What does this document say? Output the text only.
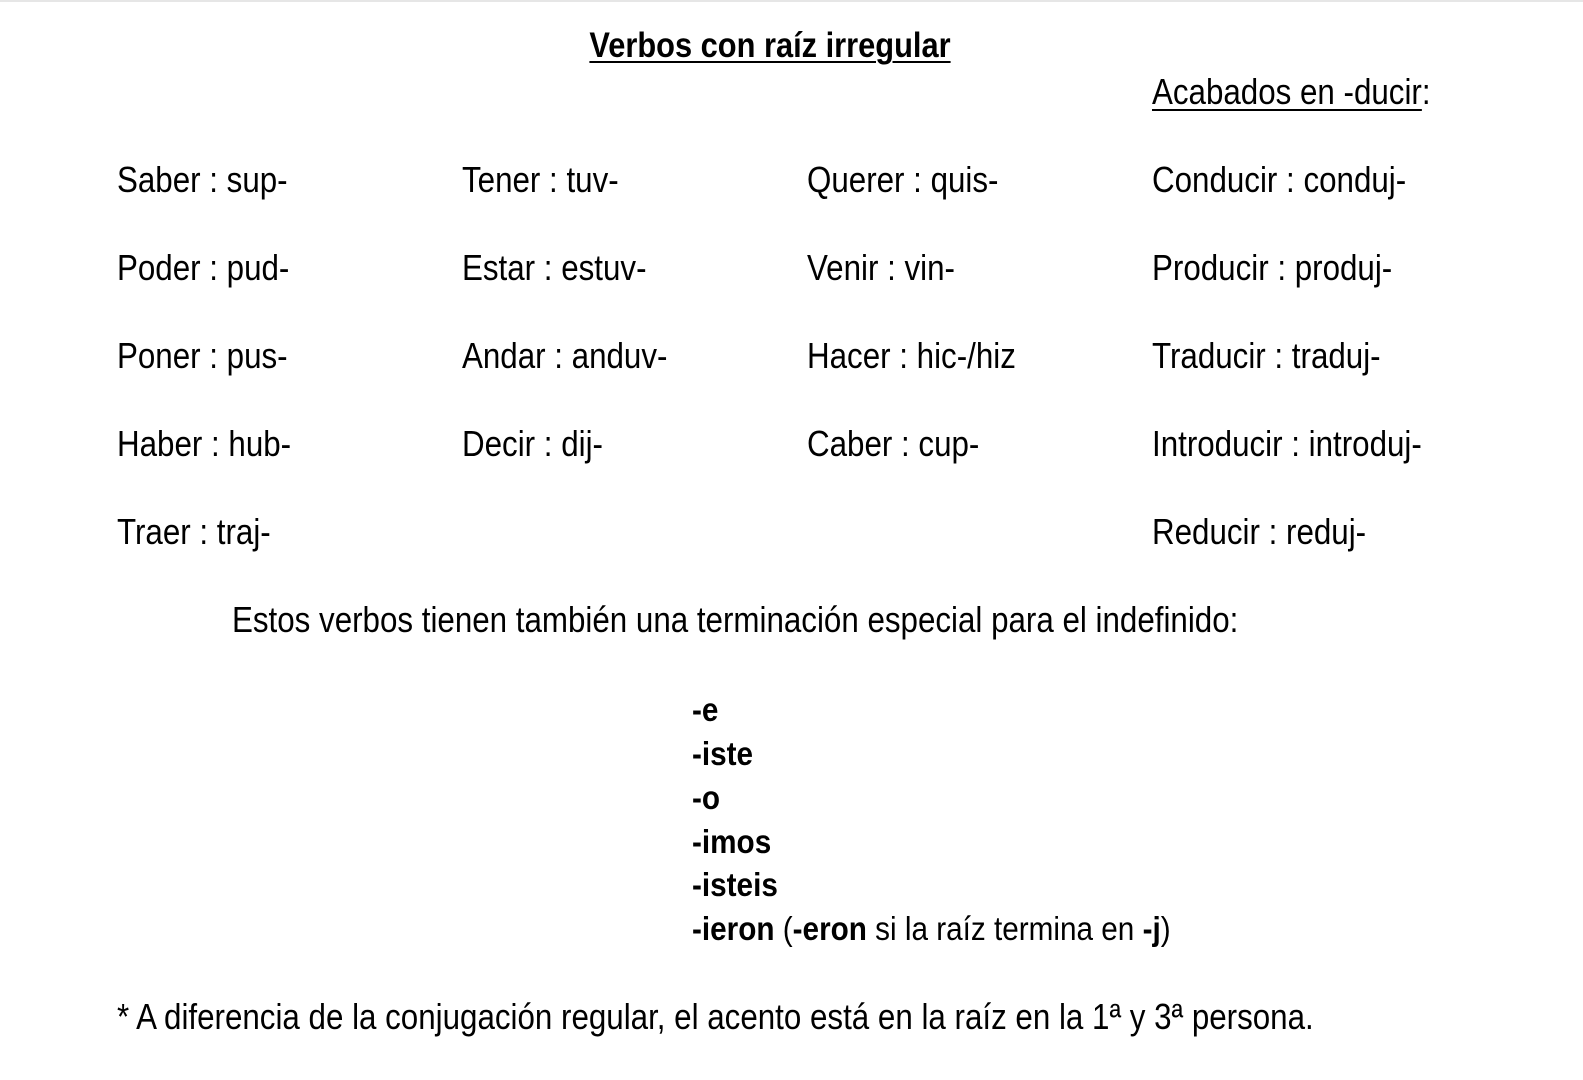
Verbos con raíz irregular
Acabados en -ducir:
Saber : sup-
Poder : pud-
Poner : pus-
Haber : hub-
Traer : traj-
Tener : tuv-
Estar : estuv-
Andar : anduv-
Decir : dij-
Querer : quis-
Venir : vin-
Hacer : hic-/hiz
Caber : cup-
Conducir : conduj-
Producir : produj-
Traducir : traduj-
Introducir : introduj-
Reducir : reduj-
Estos verbos tienen también una terminación especial para el indefinido:
-e
-iste
-o
-imos
-isteis
-ieron (-eron si la raíz termina en -j)
* A diferencia de la conjugación regular, el acento está en la raíz en la 1ª y 3ª persona.
